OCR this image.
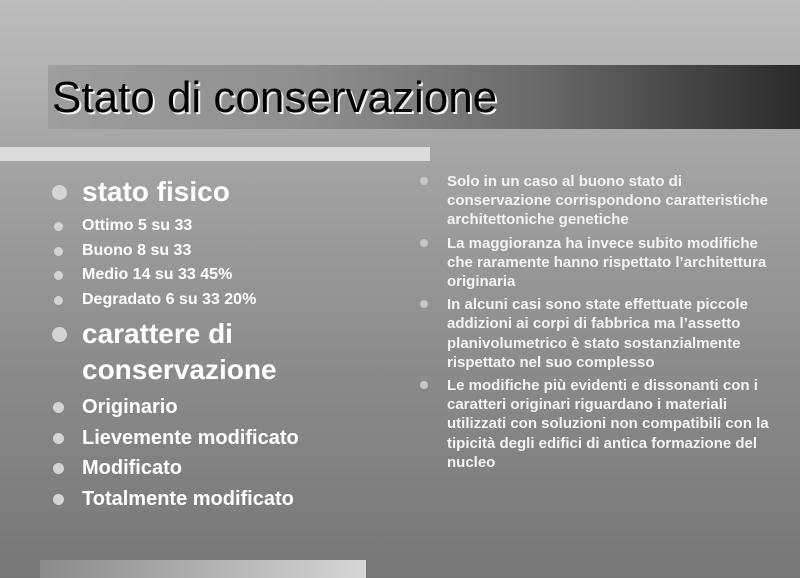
Stato di conservazione
stato fisico
Ottimo 5 su 33
Buono 8 su 33
Medio 14 su 33 45%
Degradato 6 su 33 20%
carattere di conservazione
Originario
Lievemente modificato
Modificato
Totalmente modificato
Solo in un caso al buono stato di conservazione corrispondono caratteristiche architettoniche genetiche
La maggioranza ha invece subito modifiche che raramente hanno rispettato l’architettura originaria
In alcuni casi sono state effettuate piccole addizioni ai corpi di fabbrica ma l’assetto planivolumetrico è stato sostanzialmente rispettato nel suo complesso
Le modifiche più evidenti e dissonanti con i caratteri originari riguardano i materiali utilizzati con soluzioni non compatibili con la tipicità degli edifici di antica formazione del nucleo
